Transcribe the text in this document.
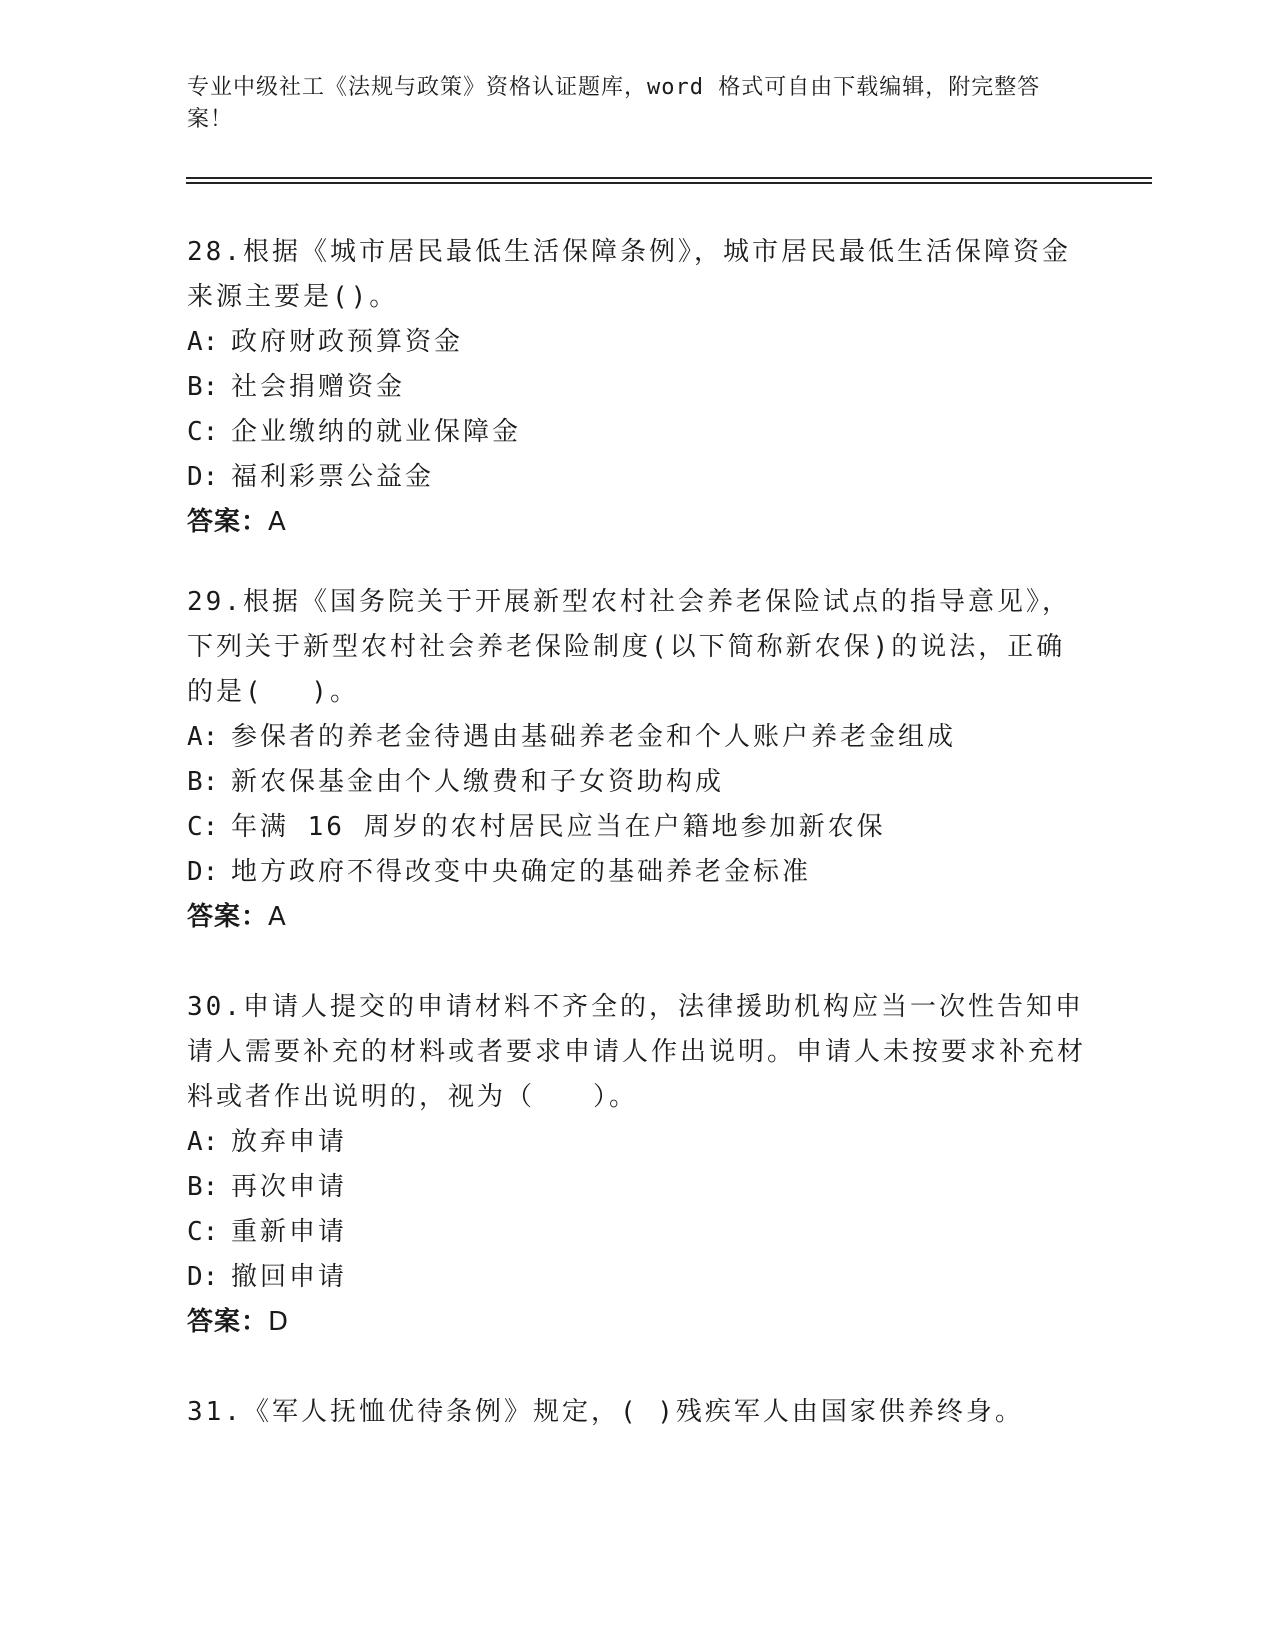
专业中级社工《法规与政策》资格认证题库，word 格式可自由下载编辑，附完整答案！
28.根据《城市居民最低生活保障条例》，城市居民最低生活保障资金来源主要是()。
A: 政府财政预算资金
B: 社会捐赠资金
C: 企业缴纳的就业保障金
D: 福利彩票公益金
答案：A
29.根据《国务院关于开展新型农村社会养老保险试点的指导意见》，下列关于新型农村社会养老保险制度(以下简称新农保)的说法，正确的是(　 )。
A: 参保者的养老金待遇由基础养老金和个人账户养老金组成
B: 新农保基金由个人缴费和子女资助构成
C: 年满 16 周岁的农村居民应当在户籍地参加新农保
D: 地方政府不得改变中央确定的基础养老金标准
答案：A
30.申请人提交的申请材料不齐全的，法律援助机构应当一次性告知申请人需要补充的材料或者要求申请人作出说明。申请人未按要求补充材料或者作出说明的，视为（　　）。
A: 放弃申请
B: 再次申请
C: 重新申请
D: 撤回申请
答案：D
31.《军人抚恤优待条例》规定，( )残疾军人由国家供养终身。
